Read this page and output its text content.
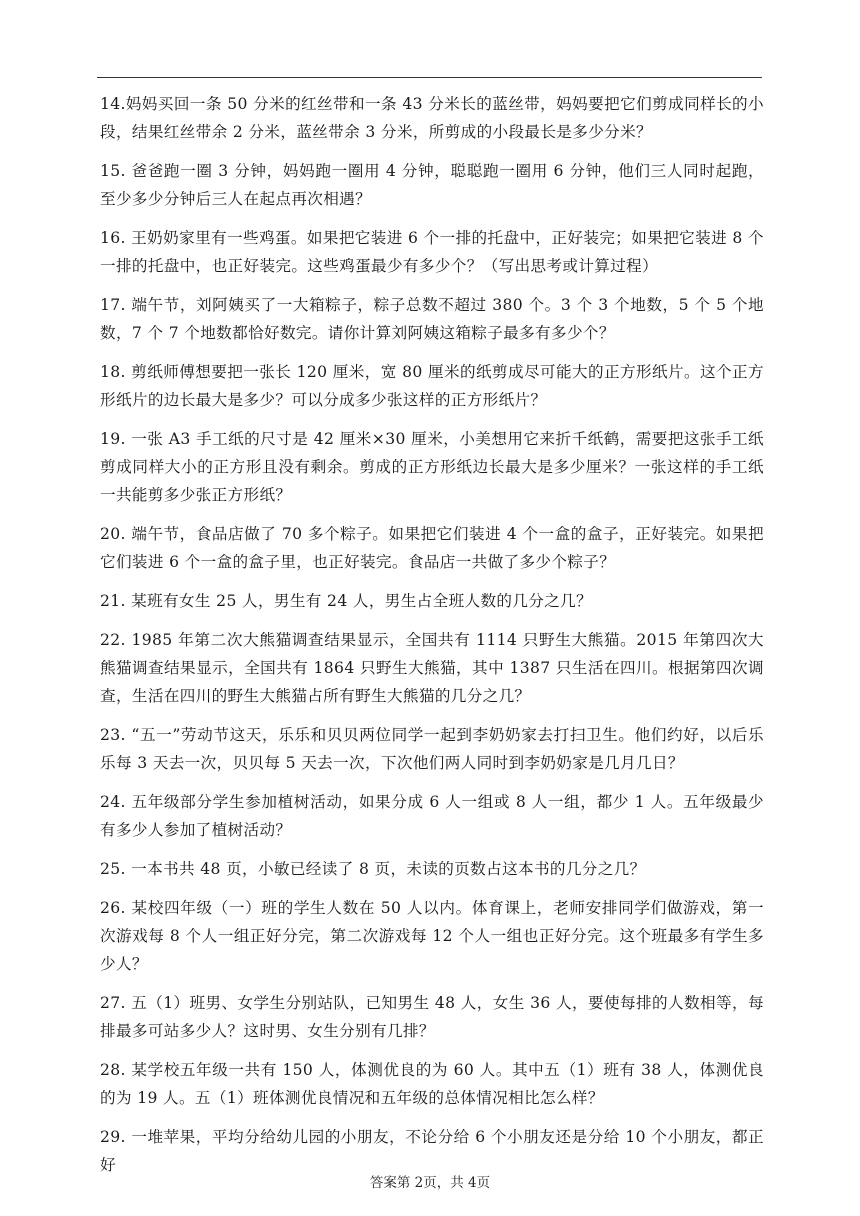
14.妈妈买回一条 50 分米的红丝带和一条 43 分米长的蓝丝带，妈妈要把它们剪成同样长的小段，结果红丝带余 2 分米，蓝丝带余 3 分米，所剪成的小段最长是多少分米？

15. 爸爸跑一圈 3 分钟，妈妈跑一圈用 4 分钟，聪聪跑一圈用 6 分钟，他们三人同时起跑，至少多少分钟后三人在起点再次相遇？

16. 王奶奶家里有一些鸡蛋。如果把它装进 6 个一排的托盘中，正好装完；如果把它装进 8 个一排的托盘中，也正好装完。这些鸡蛋最少有多少个？（写出思考或计算过程）

17. 端午节，刘阿姨买了一大箱粽子，粽子总数不超过 380 个。3 个 3 个地数，5 个 5 个地数，7 个 7 个地数都恰好数完。请你计算刘阿姨这箱粽子最多有多少个？

18. 剪纸师傅想要把一张长 120 厘米，宽 80 厘米的纸剪成尽可能大的正方形纸片。这个正方形纸片的边长最大是多少？可以分成多少张这样的正方形纸片？

19. 一张 A3 手工纸的尺寸是 42 厘米×30 厘米，小美想用它来折千纸鹤，需要把这张手工纸剪成同样大小的正方形且没有剩余。剪成的正方形纸边长最大是多少厘米？一张这样的手工纸一共能剪多少张正方形纸？

20. 端午节，食品店做了 70 多个粽子。如果把它们装进 4 个一盒的盒子，正好装完。如果把它们装进 6 个一盒的盒子里，也正好装完。食品店一共做了多少个粽子？

21. 某班有女生 25 人，男生有 24 人，男生占全班人数的几分之几？

22. 1985 年第二次大熊猫调查结果显示，全国共有 1114 只野生大熊猫。2015 年第四次大熊猫调查结果显示，全国共有 1864 只野生大熊猫，其中 1387 只生活在四川。根据第四次调查，生活在四川的野生大熊猫占所有野生大熊猫的几分之几？

23. “五一”劳动节这天，乐乐和贝贝两位同学一起到李奶奶家去打扫卫生。他们约好，以后乐乐每 3 天去一次，贝贝每 5 天去一次，下次他们两人同时到李奶奶家是几月几日？

24. 五年级部分学生参加植树活动，如果分成 6 人一组或 8 人一组，都少 1 人。五年级最少有多少人参加了植树活动？

25. 一本书共 48 页，小敏已经读了 8 页，未读的页数占这本书的几分之几？

26. 某校四年级（一）班的学生人数在 50 人以内。体育课上，老师安排同学们做游戏，第一次游戏每 8 个人一组正好分完，第二次游戏每 12 个人一组也正好分完。这个班最多有学生多少人？

27. 五（1）班男、女学生分别站队，已知男生 48 人，女生 36 人，要使每排的人数相等，每排最多可站多少人？这时男、女生分别有几排？

28. 某学校五年级一共有 150 人，体测优良的为 60 人。其中五（1）班有 38 人，体测优良的为 19 人。五（1）班体测优良情况和五年级的总体情况相比怎么样？

29. 一堆苹果，平均分给幼儿园的小朋友，不论分给 6 个小朋友还是分给 10 个小朋友，都正好

答案第 2页，共 4页
